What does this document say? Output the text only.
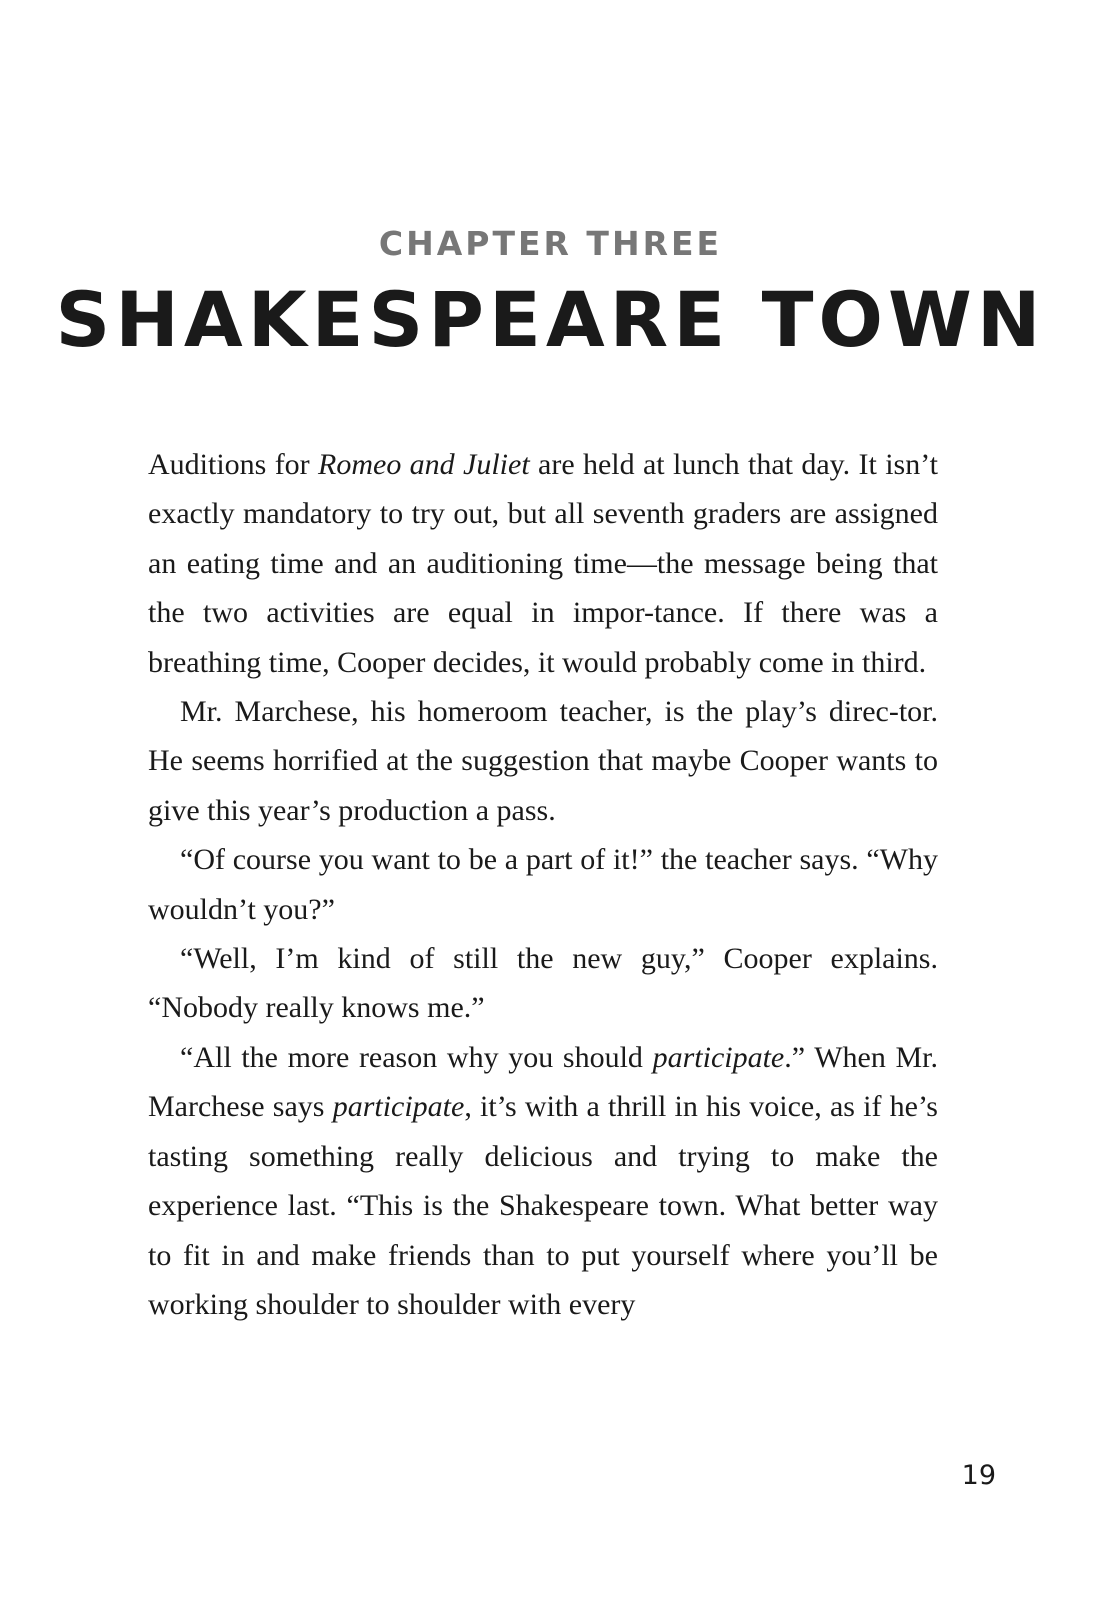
CHAPTER THREE
SHAKESPEARE TOWN

Auditions for Romeo and Juliet are held at lunch that day. It isn’t exactly mandatory to try out, but all seventh graders are assigned an eating time and an auditioning time—the message being that the two activities are equal in impor-tance. If there was a breathing time, Cooper decides, it would probably come in third.

Mr. Marchese, his homeroom teacher, is the play’s direc-tor. He seems horrified at the suggestion that maybe Cooper wants to give this year’s production a pass.

“Of course you want to be a part of it!” the teacher says. “Why wouldn’t you?”

“Well, I’m kind of still the new guy,” Cooper explains. “Nobody really knows me.”

“All the more reason why you should participate.” When Mr. Marchese says participate, it’s with a thrill in his voice, as if he’s tasting something really delicious and trying to make the experience last. “This is the Shakespeare town. What better way to fit in and make friends than to put yourself where you’ll be working shoulder to shoulder with every

19
